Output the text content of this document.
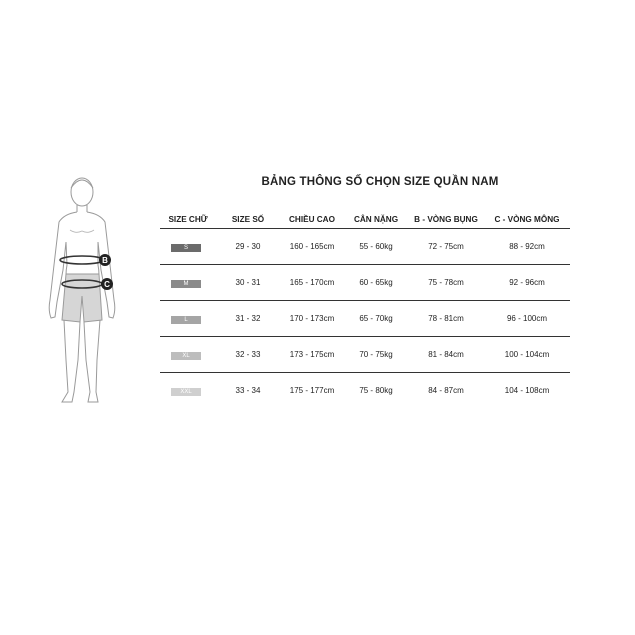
B
C
BẢNG THÔNG SỐ CHỌN SIZE QUẦN NAM
SIZE CHỮ	SIZE SỐ	CHIỀU CAO	CÂN NẶNG	B - VÒNG BỤNG	C - VÒNG MÔNG
S	29 - 30	160 - 165cm	55 - 60kg	72 - 75cm	88 - 92cm
M	30 - 31	165 - 170cm	60 - 65kg	75 - 78cm	92 - 96cm
L	31 - 32	170 - 173cm	65 - 70kg	78 - 81cm	96 - 100cm
XL	32 - 33	173 - 175cm	70 - 75kg	81 - 84cm	100 - 104cm
XXL	33 - 34	175 - 177cm	75 - 80kg	84 - 87cm	104 - 108cm
